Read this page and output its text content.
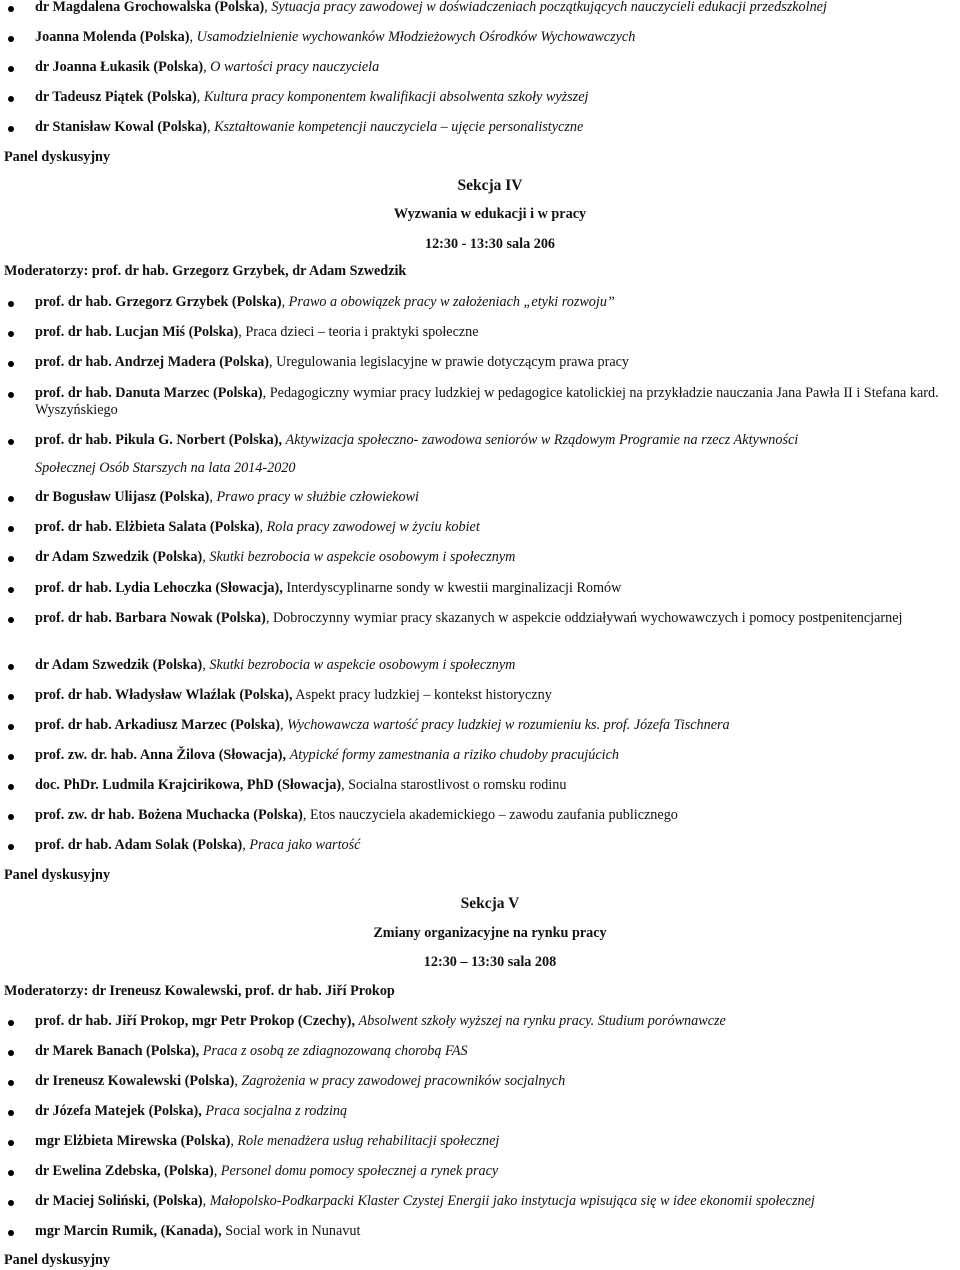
dr Magdalena Grochowalska (Polska), Sytuacja pracy zawodowej w doświadczeniach początkujących nauczycieli edukacji przedszkolnej
Joanna Molenda (Polska), Usamodzielnienie wychowanków Młodzieżowych Ośrodków Wychowawczych
dr Joanna Łukasik (Polska), O wartości pracy nauczyciela
dr Tadeusz Piątek (Polska), Kultura pracy komponentem kwalifikacji absolwenta szkoły wyższej
dr Stanisław Kowal (Polska), Kształtowanie kompetencji nauczyciela – ujęcie personalistyczne
Panel dyskusyjny
Sekcja IV
Wyzwania w edukacji i w pracy
12:30 - 13:30 sala 206
Moderatorzy: prof. dr hab. Grzegorz Grzybek, dr Adam Szwedzik
prof. dr hab. Grzegorz Grzybek (Polska), Prawo a obowiązek pracy w założeniach „etyki rozwoju”
prof. dr hab. Lucjan Miś (Polska), Praca dzieci – teoria i praktyki społeczne
prof. dr hab. Andrzej Madera (Polska), Uregulowania legislacyjne w prawie dotyczącym prawa pracy
prof. dr hab. Danuta Marzec (Polska), Pedagogiczny wymiar pracy ludzkiej w pedagogice katolickiej na przykładzie nauczania Jana Pawła II i Stefana kard. Wyszyńskiego
prof. dr hab. Pikula G. Norbert (Polska), Aktywizacja społeczno- zawodowa seniorów w Rządowym Programie na rzecz Aktywności
Społecznej Osób Starszych na lata 2014-2020
dr Bogusław Ulijasz (Polska), Prawo pracy w służbie człowiekowi
prof. dr hab. Elżbieta Salata (Polska), Rola pracy zawodowej w życiu kobiet
dr Adam Szwedzik (Polska), Skutki bezrobocia w aspekcie osobowym i społecznym
prof. dr hab. Lydia Lehoczka (Słowacja), Interdyscyplinarne sondy w kwestii marginalizacji Romów
prof. dr hab. Barbara Nowak (Polska), Dobroczynny wymiar pracy skazanych w aspekcie oddziaływań wychowawczych i pomocy postpenitencjarnej
dr Adam Szwedzik (Polska), Skutki bezrobocia w aspekcie osobowym i społecznym
prof. dr hab. Władysław Wlaźlak (Polska), Aspekt pracy ludzkiej – kontekst historyczny
prof. dr hab. Arkadiusz Marzec (Polska), Wychowawcza wartość pracy ludzkiej w rozumieniu ks. prof. Józefa Tischnera
prof. zw. dr. hab. Anna Žilova (Słowacja), Atypické formy zamestnania a riziko chudoby pracujúcich
doc. PhDr. Ludmila Krajcirikowa, PhD (Słowacja), Socialna starostlivost o romsku rodinu
prof. zw. dr hab. Bożena Muchacka (Polska), Etos nauczyciela akademickiego – zawodu zaufania publicznego
prof. dr hab. Adam Solak (Polska), Praca jako wartość
Panel dyskusyjny
Sekcja V
Zmiany organizacyjne na rynku pracy
12:30 – 13:30 sala 208
Moderatorzy: dr Ireneusz Kowalewski, prof. dr hab. Jiří Prokop
prof. dr hab. Jiří Prokop, mgr Petr Prokop (Czechy), Absolwent szkoły wyższej na rynku pracy. Studium porównawcze
dr Marek Banach (Polska), Praca z osobą ze zdiagnozowaną chorobą FAS
dr Ireneusz Kowalewski (Polska), Zagrożenia w pracy zawodowej pracowników socjalnych
dr Józefa Matejek (Polska), Praca socjalna z rodziną
mgr Elżbieta Mirewska (Polska), Role menadżera usług rehabilitacji społecznej
dr Ewelina Zdebska, (Polska), Personel domu pomocy społecznej a rynek pracy
dr Maciej Soliński, (Polska), Małopolsko-Podkarpacki Klaster Czystej Energii jako instytucja wpisująca się w idee ekonomii społecznej
mgr Marcin Rumik, (Kanada), Social work in Nunavut
Panel dyskusyjny
